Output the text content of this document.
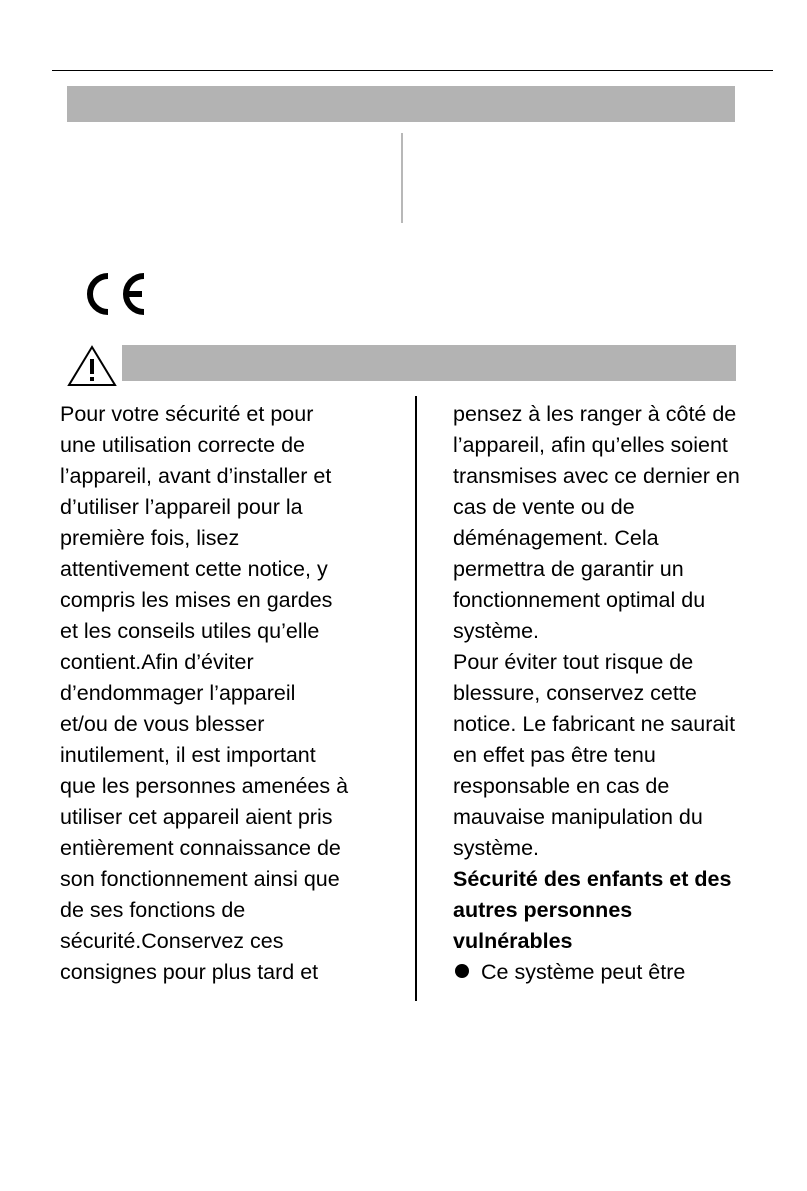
Pour votre sécurité et pour
une utilisation correcte de
l’appareil, avant d’installer et
d’utiliser l’appareil pour la
première fois, lisez
attentivement cette notice, y
compris les mises en gardes
et les conseils utiles qu’elle
contient.Afin d’éviter
d’endommager l’appareil
et/ou de vous blesser
inutilement, il est important
que les personnes amenées à
utiliser cet appareil aient pris
entièrement connaissance de
son fonctionnement ainsi que
de ses fonctions de
sécurité.Conservez ces
consignes pour plus tard et
pensez à les ranger à côté de
l’appareil, afin qu’elles soient
transmises avec ce dernier en
cas de vente ou de
déménagement. Cela
permettra de garantir un
fonctionnement optimal du
système.
Pour éviter tout risque de
blessure, conservez cette
notice. Le fabricant ne saurait
en effet pas être tenu
responsable en cas de
mauvaise manipulation du
système.
Sécurité des enfants et des
autres personnes
vulnérables
Ce système peut être
